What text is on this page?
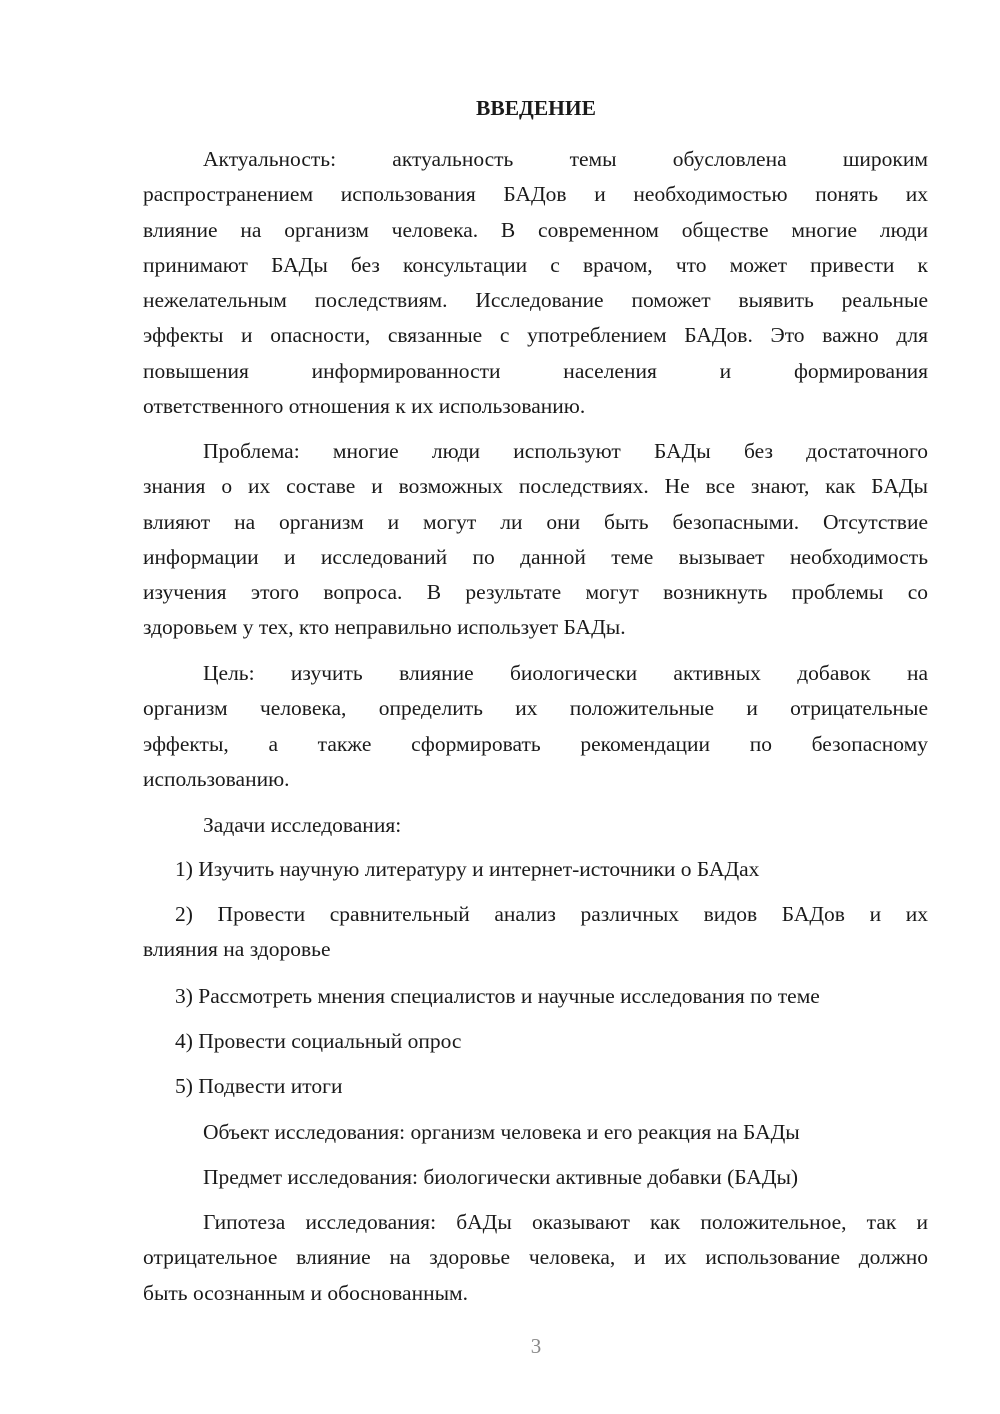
ВВЕДЕНИЕ
Актуальность: актуальность темы обусловлена широким
распространением использования БАДов и необходимостью понять их
влияние на организм человека. В современном обществе многие люди
принимают БАДы без консультации с врачом, что может привести к
нежелательным последствиям. Исследование поможет выявить реальные
эффекты и опасности, связанные с употреблением БАДов. Это важно для
повышения информированности населения и формирования
ответственного отношения к их использованию.
Проблема: многие люди используют БАДы без достаточного
знания о их составе и возможных последствиях. Не все знают, как БАДы
влияют на организм и могут ли они быть безопасными. Отсутствие
информации и исследований по данной теме вызывает необходимость
изучения этого вопроса. В результате могут возникнуть проблемы со
здоровьем у тех, кто неправильно использует БАДы.
Цель: изучить влияние биологически активных добавок на
организм человека, определить их положительные и отрицательные
эффекты, а также сформировать рекомендации по безопасному
использованию.
Задачи исследования:
1) Изучить научную литературу и интернет-источники о БАДах
2) Провести сравнительный анализ различных видов БАДов и их
влияния на здоровье
3) Рассмотреть мнения специалистов и научные исследования по теме
4) Провести социальный опрос
5) Подвести итоги
Объект исследования: организм человека и его реакция на БАДы
Предмет исследования: биологически активные добавки (БАДы)
Гипотеза исследования: бАДы оказывают как положительное, так и
отрицательное влияние на здоровье человека, и их использование должно
быть осознанным и обоснованным.
3
